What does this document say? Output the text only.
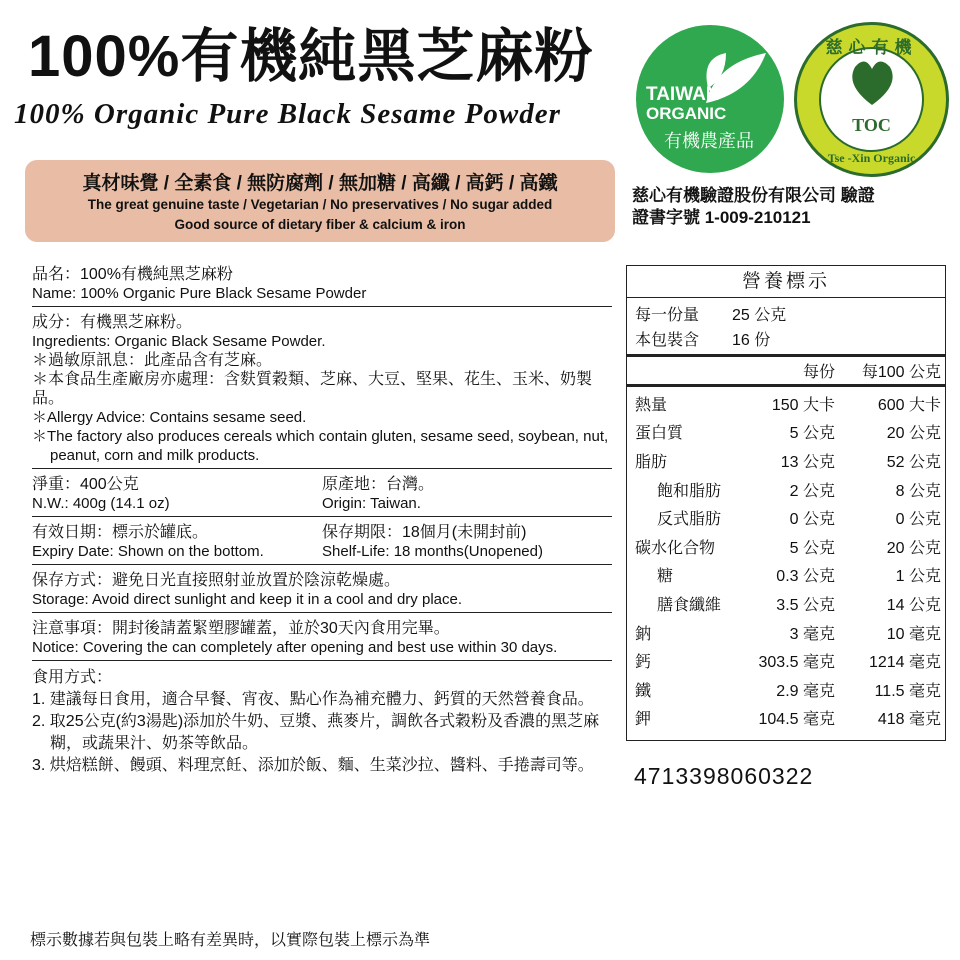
100%有機純黑芝麻粉
100% Organic Pure Black Sesame Powder
真材味覺 / 全素食 / 無防腐劑 / 無加糖 / 高纖 / 高鈣 / 高鐵
The great genuine taste / Vegetarian / No preservatives / No sugar added
Good source of dietary fiber & calcium & iron
TAIWAN
ORGANIC
有機農產品
慈心有機
TOC
Tse -Xin Organic
慈心有機驗證股份有限公司 驗證
證書字號 1-009-210121
品名：100%有機純黑芝麻粉
Name: 100% Organic Pure Black Sesame Powder
成分：有機黑芝麻粉。
Ingredients: Organic Black Sesame Powder.
＊過敏原訊息：此產品含有芝麻。
＊本食品生產廠房亦處理：含麩質穀類、芝麻、大豆、堅果、花生、玉米、奶製品。
＊Allergy Advice: Contains sesame seed.
＊The factory also produces cereals which contain gluten, sesame seed, soybean, nut, peanut, corn and milk products.
淨重：400公克
N.W.: 400g (14.1 oz)
原產地：台灣。
Origin: Taiwan.
有效日期：標示於罐底。
Expiry Date: Shown on the bottom.
保存期限：18個月(未開封前)
Shelf-Life: 18 months(Unopened)
保存方式：避免日光直接照射並放置於陰涼乾燥處。
Storage: Avoid direct sunlight and keep it in a cool and dry place.
注意事項：開封後請蓋緊塑膠罐蓋，並於30天內食用完畢。
Notice: Covering the can completely after opening and best use within 30 days.
食用方式：
1. 建議每日食用，適合早餐、宵夜、點心作為補充體力、鈣質的天然營養食品。
2. 取25公克(約3湯匙)添加於牛奶、豆漿、燕麥片，調飲各式穀粉及香濃的黑芝麻糊，或蔬果汁、奶茶等飲品。
3. 烘焙糕餅、饅頭、料理烹飪、添加於飯、麵、生菜沙拉、醬料、手捲壽司等。
營養標示
每一份量	25 公克
本包裝含	16 份
每份	每100 公克
熱量	150 大卡	600 大卡
蛋白質	5 公克	20 公克
脂肪	13 公克	52 公克
飽和脂肪	2 公克	8 公克
反式脂肪	0 公克	0 公克
碳水化合物	5 公克	20 公克
糖	0.3 公克	1 公克
膳食纖維	3.5 公克	14 公克
鈉	3 毫克	10 毫克
鈣	303.5 毫克	1214 毫克
鐵	2.9 毫克	11.5 毫克
鉀	104.5 毫克	418 毫克
4713398060322
標示數據若與包裝上略有差異時，以實際包裝上標示為準
